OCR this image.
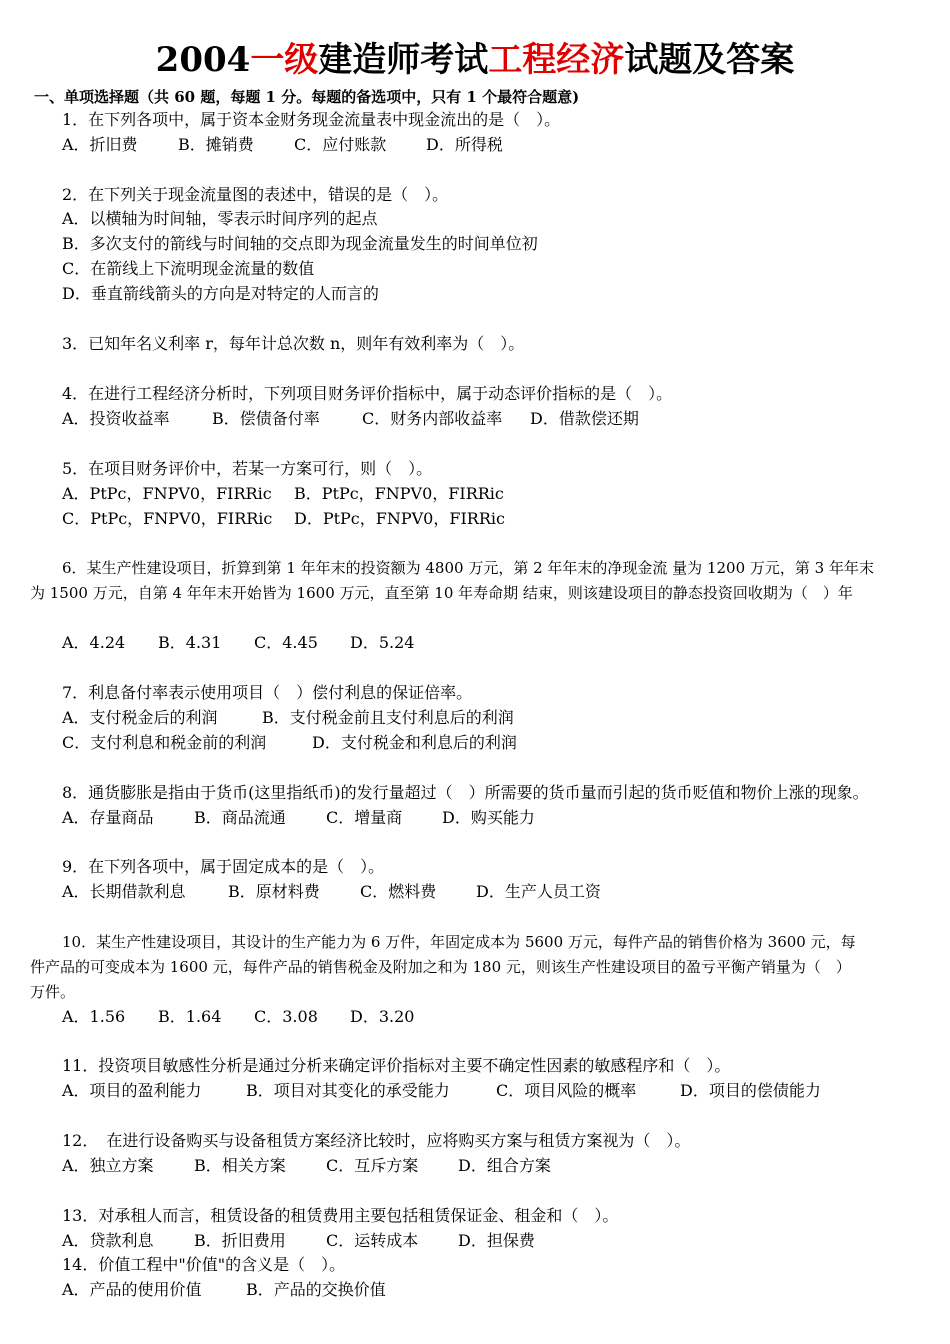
2004一级建造师考试工程经济试题及答案
一、单项选择题（共 60 题，每题 1 分。每题的备选项中，只有 1 个最符合题意)
1．在下列各项中，属于资本金财务现金流量表中现金流出的是（　）。
A．折旧费	B．摊销费	C．应付账款 D．所得税
2．在下列关于现金流量图的表述中，错误的是（　）。
A．以横轴为时间轴，零表示时间序列的起点
B．多次支付的箭线与时间轴的交点即为现金流量发生的时间单位初
C．在箭线上下流明现金流量的数值
D．垂直箭线箭头的方向是对特定的人而言的
3．已知年名义利率 r，每年计总次数 n，则年有效利率为（　）。
4．在进行工程经济分析时，下列项目财务评价指标中，属于动态评价指标的是（　）。
A．投资收益率	B．偿债备付率	C．财务内部收益率 D．借款偿还期
5．在项目财务评价中，若某一方案可行，则（　）。
A．PtPc，FNPV0，FIRRic B．PtPc，FNPV0，FIRRic
C．PtPc，FNPV0，FIRRic D．PtPc，FNPV0，FIRRic
6．某生产性建设项目，折算到第 1 年年末的投资额为 4800 万元，第 2 年年末的净现金流 量为 1200 万元，第 3 年年末
为 1500 万元，自第 4 年年末开始皆为 1600 万元，直至第 10 年寿命期 结束，则该建设项目的静态投资回收期为（　）年
A．4.24 B．4.31 C．4.45 D．5.24
7．利息备付率表示使用项目（　）偿付利息的保证倍率。
A．支付税金后的利润	B．支付税金前且支付利息后的利润
C．支付利息和税金前的利润	D．支付税金和利息后的利润
8．通货膨胀是指由于货币(这里指纸币)的发行量超过（　）所需要的货币量而引起的货币贬值和物价上涨的现象。
A．存量商品	B．商品流通	C．增量商 D．购买能力
9．在下列各项中，属于固定成本的是（　）。
A．长期借款利息	B．原材料费	C．燃料费 D．生产人员工资
10．某生产性建设项目，其设计的生产能力为 6 万件，年固定成本为 5600 万元，每件产品的销售价格为 3600 元，每
件产品的可变成本为 1600 元，每件产品的销售税金及附加之和为 180 元，则该生产性建设项目的盈亏平衡产销量为（　）
万件。
A．1.56 B．1.64 C．3.08 D．3.20
11．投资项目敏感性分析是通过分析来确定评价指标对主要不确定性因素的敏感程序和（　）。
A．项目的盈利能力	B．项目对其变化的承受能力	C．项目风险的概率	D．项目的偿债能力
12．　在进行设备购买与设备租赁方案经济比较时，应将购买方案与租赁方案视为（　）。
A．独立方案	B．相关方案	C．互斥方案 D．组合方案
13．对承租人而言，租赁设备的租赁费用主要包括租赁保证金、租金和（　）。
A．贷款利息	B．折旧费用	C．运转成本 D．担保费
14．价值工程中"价值"的含义是（　）。
A．产品的使用价值	B．产品的交换价值
